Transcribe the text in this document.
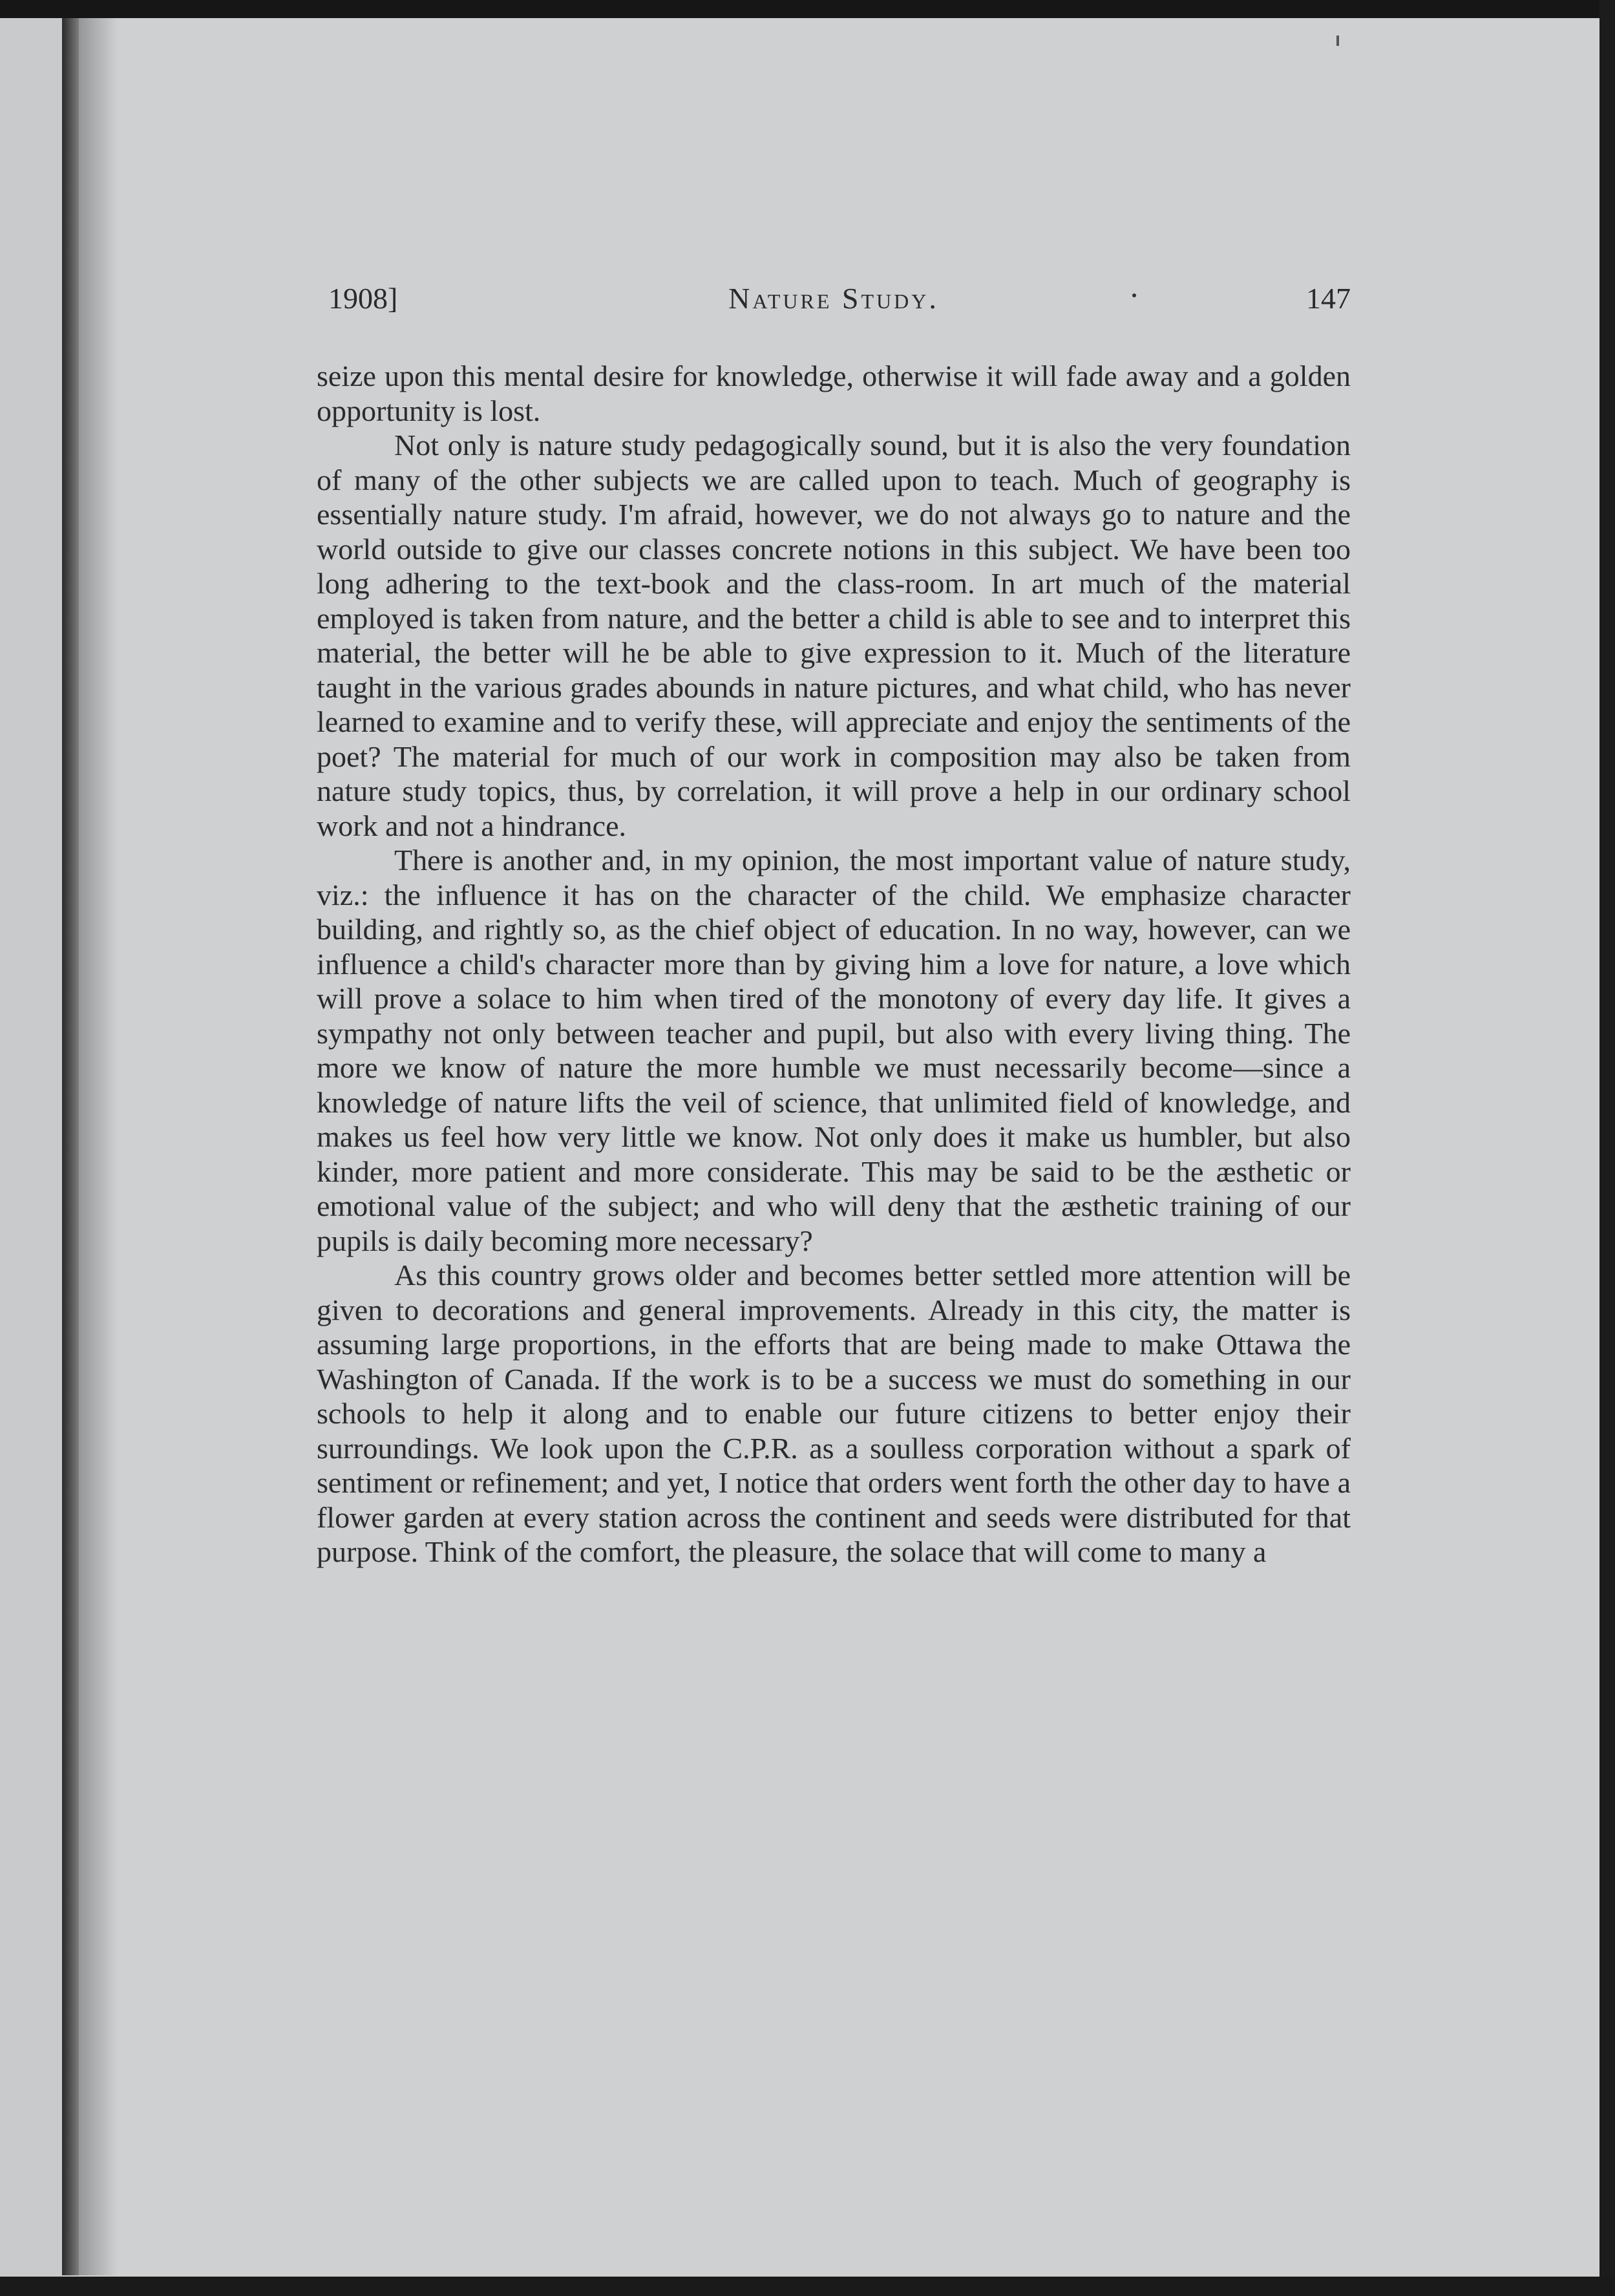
1908]	Nature Study.	147

seize upon this mental desire for knowledge, otherwise it will fade away and a golden opportunity is lost.

Not only is nature study pedagogically sound, but it is also the very foundation of many of the other subjects we are called upon to teach. Much of geography is essentially nature study. I'm afraid, however, we do not always go to nature and the world outside to give our classes concrete notions in this subject. We have been too long adhering to the text-book and the class-room. In art much of the material employed is taken from nature, and the better a child is able to see and to interpret this material, the better will he be able to give expression to it. Much of the literature taught in the various grades abounds in nature pictures, and what child, who has never learned to examine and to verify these, will appreciate and enjoy the sentiments of the poet? The material for much of our work in composition may also be taken from nature study topics, thus, by correlation, it will prove a help in our ordinary school work and not a hindrance.

There is another and, in my opinion, the most important value of nature study, viz.: the influence it has on the character of the child. We emphasize character building, and rightly so, as the chief object of education. In no way, however, can we influence a child's character more than by giving him a love for nature, a love which will prove a solace to him when tired of the monotony of every day life. It gives a sympathy not only between teacher and pupil, but also with every living thing. The more we know of nature the more humble we must necessarily become—since a knowledge of nature lifts the veil of science, that unlimited field of knowledge, and makes us feel how very little we know. Not only does it make us humbler, but also kinder, more patient and more considerate. This may be said to be the æsthetic or emotional value of the subject; and who will deny that the æsthetic training of our pupils is daily becoming more necessary?

As this country grows older and becomes better settled more attention will be given to decorations and general improvements. Already in this city, the matter is assuming large proportions, in the efforts that are being made to make Ottawa the Washington of Canada. If the work is to be a success we must do something in our schools to help it along and to enable our future citizens to better enjoy their surroundings. We look upon the C.P.R. as a soulless corporation without a spark of sentiment or refinement; and yet, I notice that orders went forth the other day to have a flower garden at every station across the continent and seeds were distributed for that purpose. Think of the comfort, the pleasure, the solace that will come to many a
